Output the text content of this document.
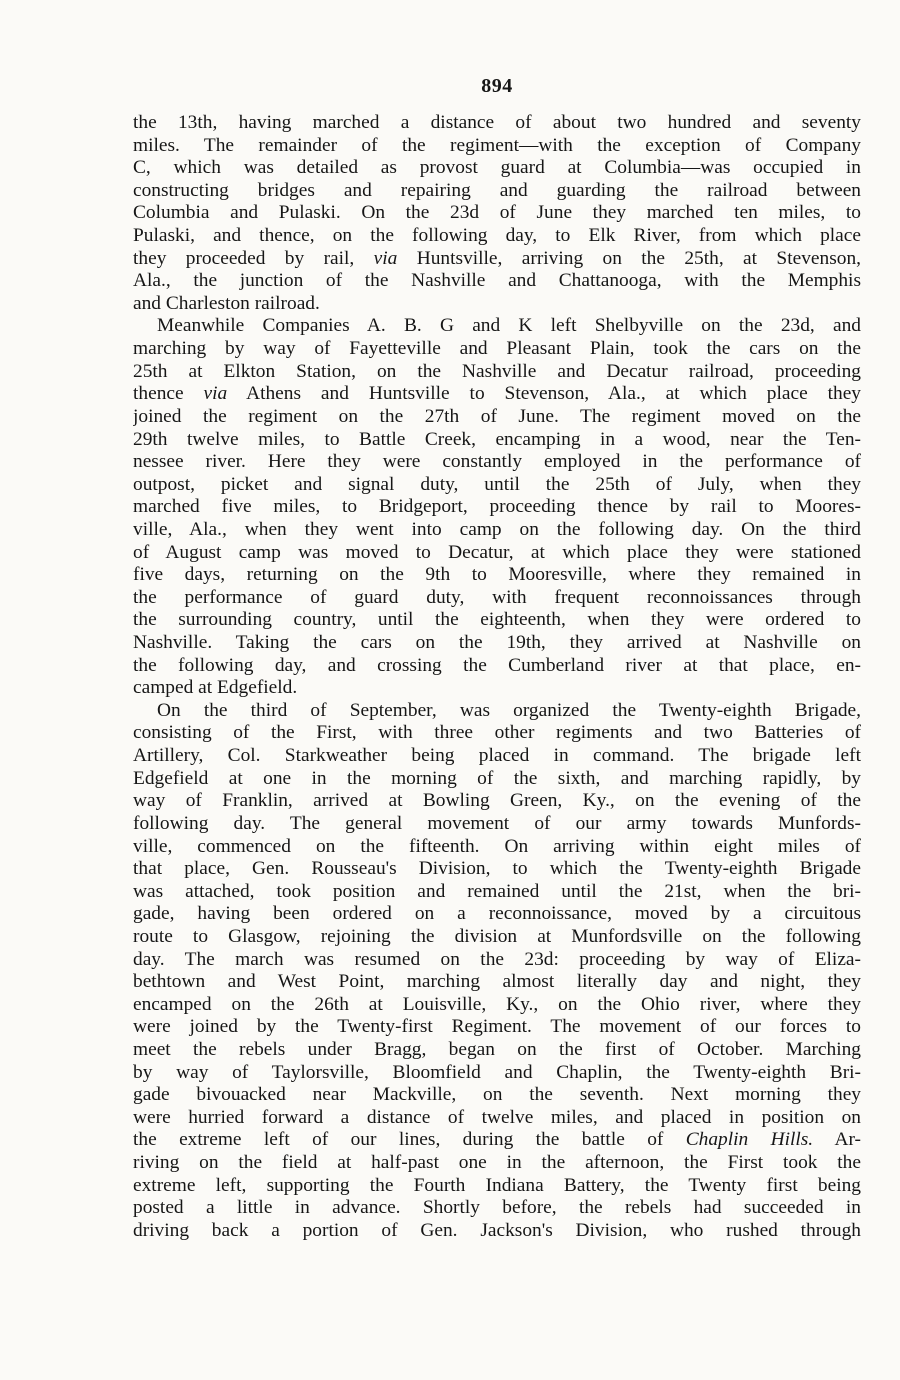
894
the 13th, having marched a distance of about two hundred and seventy
miles. The remainder of the regiment—with the exception of Company
C, which was detailed as provost guard at Columbia—was occupied in
constructing bridges and repairing and guarding the railroad between
Columbia and Pulaski. On the 23d of June they marched ten miles, to
Pulaski, and thence, on the following day, to Elk River, from which place
they proceeded by rail, via Huntsville, arriving on the 25th, at Stevenson,
Ala., the junction of the Nashville and Chattanooga, with the Memphis
and Charleston railroad.
Meanwhile Companies A. B. G and K left Shelbyville on the 23d, and
marching by way of Fayetteville and Pleasant Plain, took the cars on the
25th at Elkton Station, on the Nashville and Decatur railroad, proceeding
thence via Athens and Huntsville to Stevenson, Ala., at which place they
joined the regiment on the 27th of June. The regiment moved on the
29th twelve miles, to Battle Creek, encamping in a wood, near the Ten-
nessee river. Here they were constantly employed in the performance of
outpost, picket and signal duty, until the 25th of July, when they
marched five miles, to Bridgeport, proceeding thence by rail to Moores-
ville, Ala., when they went into camp on the following day. On the third
of August camp was moved to Decatur, at which place they were stationed
five days, returning on the 9th to Mooresville, where they remained in
the performance of guard duty, with frequent reconnoissances through
the surrounding country, until the eighteenth, when they were ordered to
Nashville. Taking the cars on the 19th, they arrived at Nashville on
the following day, and crossing the Cumberland river at that place, en-
camped at Edgefield.
On the third of September, was organized the Twenty-eighth Brigade,
consisting of the First, with three other regiments and two Batteries of
Artillery, Col. Starkweather being placed in command. The brigade left
Edgefield at one in the morning of the sixth, and marching rapidly, by
way of Franklin, arrived at Bowling Green, Ky., on the evening of the
following day. The general movement of our army towards Munfords-
ville, commenced on the fifteenth. On arriving within eight miles of
that place, Gen. Rousseau's Division, to which the Twenty-eighth Brigade
was attached, took position and remained until the 21st, when the bri-
gade, having been ordered on a reconnoissance, moved by a circuitous
route to Glasgow, rejoining the division at Munfordsville on the following
day. The march was resumed on the 23d: proceeding by way of Eliza-
bethtown and West Point, marching almost literally day and night, they
encamped on the 26th at Louisville, Ky., on the Ohio river, where they
were joined by the Twenty-first Regiment. The movement of our forces to
meet the rebels under Bragg, began on the first of October. Marching
by way of Taylorsville, Bloomfield and Chaplin, the Twenty-eighth Bri-
gade bivouacked near Mackville, on the seventh. Next morning they
were hurried forward a distance of twelve miles, and placed in position on
the extreme left of our lines, during the battle of Chaplin Hills. Ar-
riving on the field at half-past one in the afternoon, the First took the
extreme left, supporting the Fourth Indiana Battery, the Twenty first being
posted a little in advance. Shortly before, the rebels had succeeded in
driving back a portion of Gen. Jackson's Division, who rushed through
